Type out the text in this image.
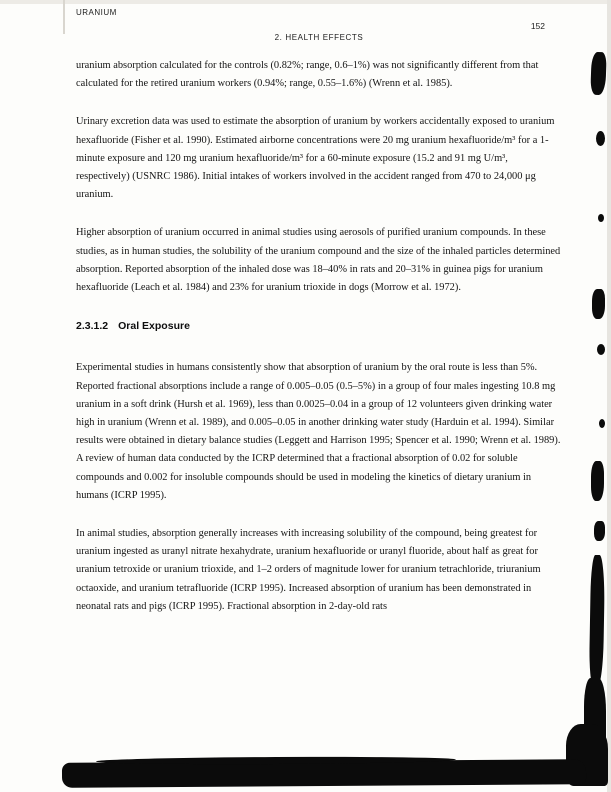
URANIUM
152
2. HEALTH EFFECTS

uranium absorption calculated for the controls (0.82%; range, 0.6–1%) was not significantly different from that calculated for the retired uranium workers (0.94%; range, 0.55–1.6%) (Wrenn et al. 1985).

Urinary excretion data was used to estimate the absorption of uranium by workers accidentally exposed to uranium hexafluoride (Fisher et al. 1990). Estimated airborne concentrations were 20 mg uranium hexafluoride/m³ for a 1-minute exposure and 120 mg uranium hexafluoride/m³ for a 60-minute exposure (15.2 and 91 mg U/m³, respectively) (USNRC 1986). Initial intakes of workers involved in the accident ranged from 470 to 24,000 μg uranium.

Higher absorption of uranium occurred in animal studies using aerosols of purified uranium compounds. In these studies, as in human studies, the solubility of the uranium compound and the size of the inhaled particles determined absorption. Reported absorption of the inhaled dose was 18–40% in rats and 20–31% in guinea pigs for uranium hexafluoride (Leach et al. 1984) and 23% for uranium trioxide in dogs (Morrow et al. 1972).

2.3.1.2 Oral Exposure

Experimental studies in humans consistently show that absorption of uranium by the oral route is less than 5%. Reported fractional absorptions include a range of 0.005–0.05 (0.5–5%) in a group of four males ingesting 10.8 mg uranium in a soft drink (Hursh et al. 1969), less than 0.0025–0.04 in a group of 12 volunteers given drinking water high in uranium (Wrenn et al. 1989), and 0.005–0.05 in another drinking water study (Harduin et al. 1994). Similar results were obtained in dietary balance studies (Leggett and Harrison 1995; Spencer et al. 1990; Wrenn et al. 1989). A review of human data conducted by the ICRP determined that a fractional absorption of 0.02 for soluble compounds and 0.002 for insoluble compounds should be used in modeling the kinetics of dietary uranium in humans (ICRP 1995).

In animal studies, absorption generally increases with increasing solubility of the compound, being greatest for uranium ingested as uranyl nitrate hexahydrate, uranium hexafluoride or uranyl fluoride, about half as great for uranium tetroxide or uranium trioxide, and 1–2 orders of magnitude lower for uranium tetrachloride, triuranium octaoxide, and uranium tetrafluoride (ICRP 1995). Increased absorption of uranium has been demonstrated in neonatal rats and pigs (ICRP 1995). Fractional absorption in 2-day-old rats
